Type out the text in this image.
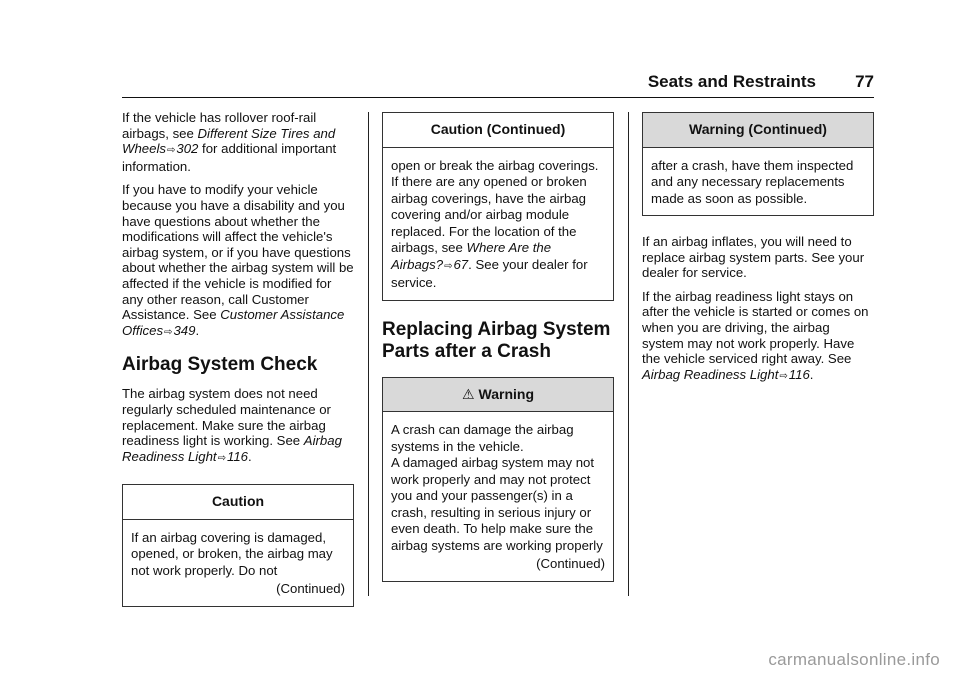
Seats and Restraints 77

If the vehicle has rollover roof-rail airbags, see Different Size Tires and Wheels⇨302 for additional important information.

If you have to modify your vehicle because you have a disability and you have questions about whether the modifications will affect the vehicle's airbag system, or if you have questions about whether the airbag system will be affected if the vehicle is modified for any other reason, call Customer Assistance. See Customer Assistance Offices⇨349.

Airbag System Check

The airbag system does not need regularly scheduled maintenance or replacement. Make sure the airbag readiness light is working. See Airbag Readiness Light⇨116.

Caution

If an airbag covering is damaged, opened, or broken, the airbag may not work properly. Do not

(Continued)

Caution (Continued)

open or break the airbag coverings. If there are any opened or broken airbag coverings, have the airbag covering and/or airbag module replaced. For the location of the airbags, see Where Are the Airbags?⇨67. See your dealer for service.

Replacing Airbag System Parts after a Crash
⚠ Warning

A crash can damage the airbag systems in the vehicle.

A damaged airbag system may not work properly and may not protect you and your passenger(s) in a crash, resulting in serious injury or even death. To help make sure the airbag systems are working properly

(Continued)

Warning (Continued)

after a crash, have them inspected and any necessary replacements made as soon as possible.

If an airbag inflates, you will need to replace airbag system parts. See your dealer for service.

If the airbag readiness light stays on after the vehicle is started or comes on when you are driving, the airbag system may not work properly. Have the vehicle serviced right away. See Airbag Readiness Light⇨116.

carmanualsonline.info
